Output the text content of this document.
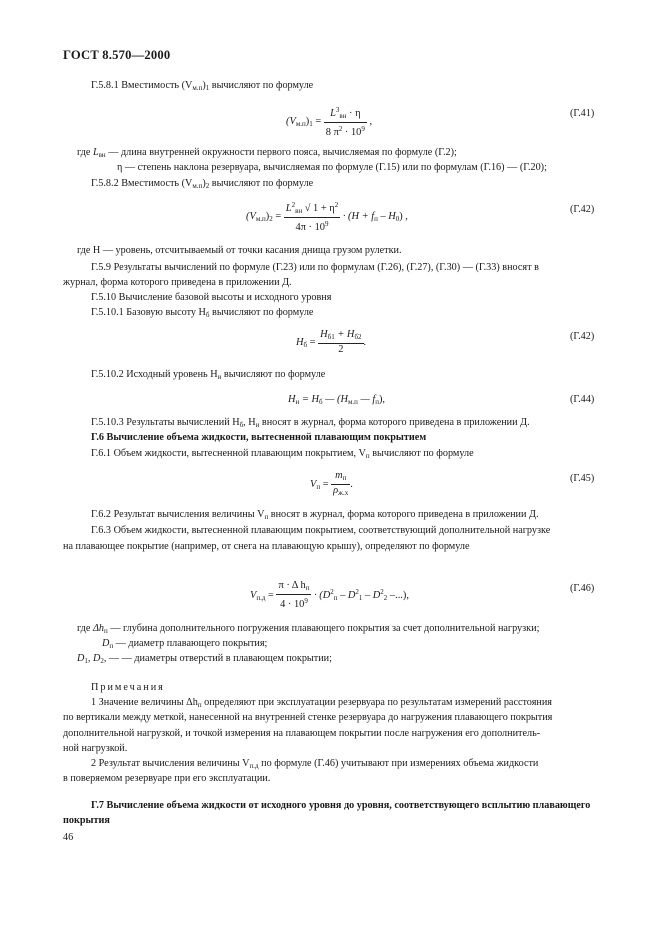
ГОСТ 8.570—2000
Г.5.8.1 Вместимость (Vм.п)1 вычисляют по формуле
$(Vм.п)1 = \frac{L^3вн \cdot \eta}{8 \pi^2 \cdot 10^9}$ ,
(Г.41)
где Lвн — длина внутренней окружности первого пояса, вычисляемая по формуле (Г.2);
η — степень наклона резервуара, вычисляемая по формуле (Г.15) или по формулам (Г.16) — (Г.20);
Г.5.8.2 Вместимость (Vм.п)2 вычисляют по формуле
$(Vм.п)2 = \frac{L^2вн √ 1 + \eta^2}{4\pi \cdot 10^9} \cdot (H$ + fп – H0) ,
(Г.42)
где H — уровень, отсчитываемый от точки касания днища грузом рулетки.
Г.5.9 Результаты вычислений по формуле (Г.23) или по формулам (Г.26), (Г.27), (Г.30) — (Г.33) вносят в
журнал, форма которого приведена в приложении Д.
Г.5.10 Вычисление базовой высоты и исходного уровня
Г.5.10.1 Базовую высоту Hб вычисляют по формуле
Hб = $\frac{Hб1 + Hб2}{2}$ .
(Г.42)
Г.5.10.2 Исходный уровень Hи вычисляют по формуле
Hи = Hб — (Hм.п — fп),	(Г.44)
Г.5.10.3 Результаты вычислений Hб, Hи вносят в журнал, форма которого приведена в приложении Д.
Г.6 Вычисление объема жидкости, вытесненной плавающим покрытием
Г.6.1 Объем жидкости, вытесненной плавающим покрытием, Vп вычисляют по формуле
Vп = $\frac{mп}{\rho ж.х}$ .
(Г.45)
Г.6.2 Результат вычисления величины Vп вносят в журнал, форма которого приведена в приложении Д.
Г.6.3 Объем жидкости, вытесненной плавающим покрытием, соответствующий дополнительной нагрузке
на плавающее покрытие (например, от снега на плавающую крышу), определяют по формуле
$Vп.д = \frac{\text{π · Δ hп}}{4 \cdot 10^9} \cdot (D^2п - D^21 - D^22$ –...),
(Г.46)
где Δhп — глубина дополнительного погружения плавающего покрытия за счет дополнительной нагрузки;
Dп — диаметр плавающего покрытия;
D1, D2, — — диаметры отверстий в плавающем покрытии;
Примечания
1 Значение величины Δhп определяют при эксплуатации резервуара по результатам измерений расстояния
по вертикали между меткой, нанесенной на внутренней стенке резервуара до нагружения плавающего покрытия
дополнительной нагрузкой, и точкой измерения на плавающем покрытии после нагружения его дополнитель-
ной нагрузкой.
2 Результат вычисления величины Vп.д по формуле (Г.46) учитывают при измерениях объема жидкости
в поверяемом резервуаре при его эксплуатации.
Г.7 Вычисление объема жидкости от исходного уровня до уровня, соответствующего всплытию плавающего
покрытия
46
